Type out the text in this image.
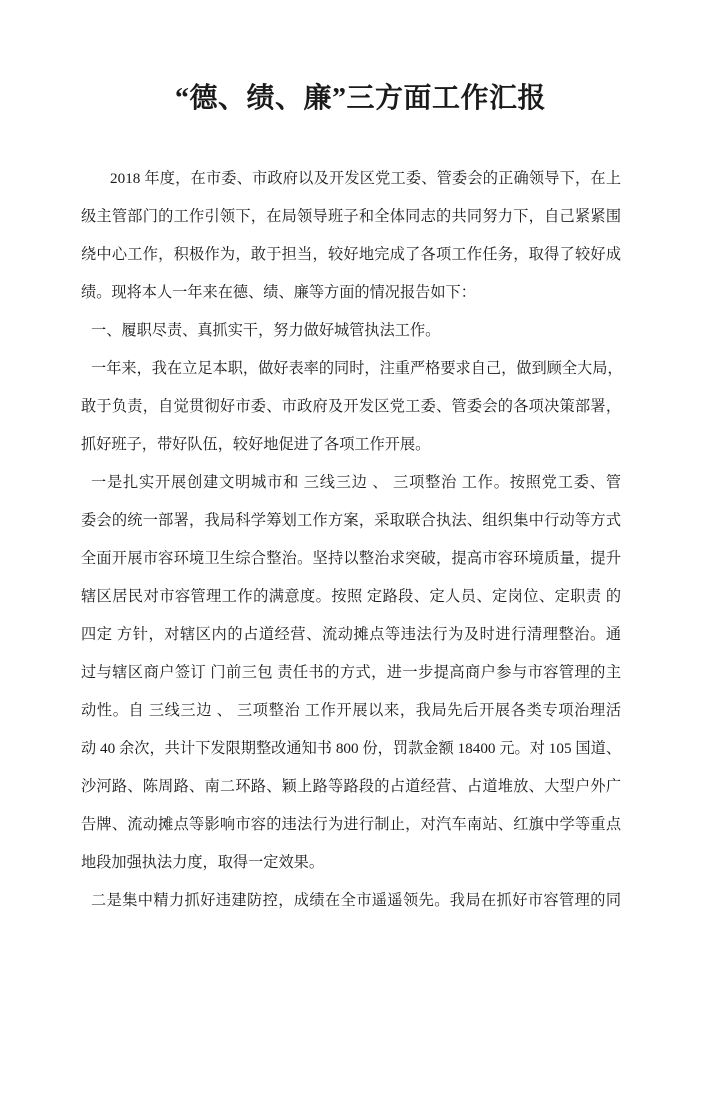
“德、绩、廉”三方面工作汇报
2018 年度，在市委、市政府以及开发区党工委、管委会的正确领导下，在上
级主管部门的工作引领下，在局领导班子和全体同志的共同努力下，自己紧紧围
绕中心工作，积极作为，敢于担当，较好地完成了各项工作任务，取得了较好成
绩。现将本人一年来在德、绩、廉等方面的情况报告如下：
一、履职尽责、真抓实干，努力做好城管执法工作。
一年来，我在立足本职，做好表率的同时，注重严格要求自己，做到顾全大局，
敢于负责，自觉贯彻好市委、市政府及开发区党工委、管委会的各项决策部署，
抓好班子，带好队伍，较好地促进了各项工作开展。
一是扎实开展创建文明城市和 三线三边 、 三项整治 工作。按照党工委、管
委会的统一部署，我局科学筹划工作方案，采取联合执法、组织集中行动等方式
全面开展市容环境卫生综合整治。坚持以整治求突破，提高市容环境质量，提升
辖区居民对市容管理工作的满意度。按照 定路段、定人员、定岗位、定职责 的
四定 方针，对辖区内的占道经营、流动摊点等违法行为及时进行清理整治。通
过与辖区商户签订 门前三包 责任书的方式，进一步提高商户参与市容管理的主
动性。自 三线三边 、 三项整治 工作开展以来，我局先后开展各类专项治理活
动 40 余次，共计下发限期整改通知书 800 份，罚款金额 18400 元。对 105 国道、
沙河路、陈周路、南二环路、颖上路等路段的占道经营、占道堆放、大型户外广
告牌、流动摊点等影响市容的违法行为进行制止，对汽车南站、红旗中学等重点
地段加强执法力度，取得一定效果。
二是集中精力抓好违建防控，成绩在全市遥遥领先。我局在抓好市容管理的同
